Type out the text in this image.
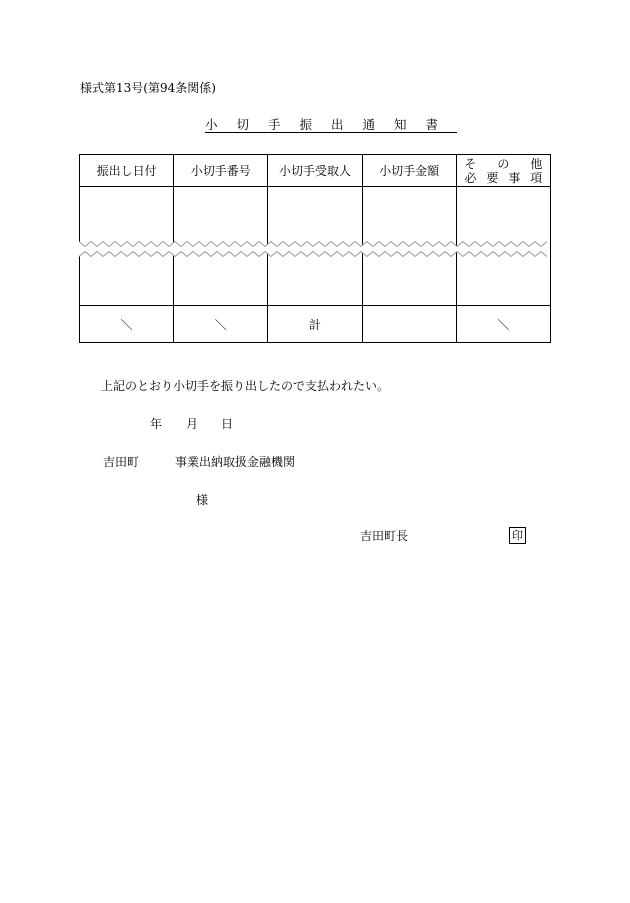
様式第13号(第94条関係)
小切手振出通知書
振出し日付	小切手番号	小切手受取人	小切手金額	そ の 他
必 要 事 項

＼	＼	計		＼
上記のとおり小切手を振り出したので支払われたい。
年 月 日
吉田町	事業出納取扱金融機関
様
吉田町長	印
